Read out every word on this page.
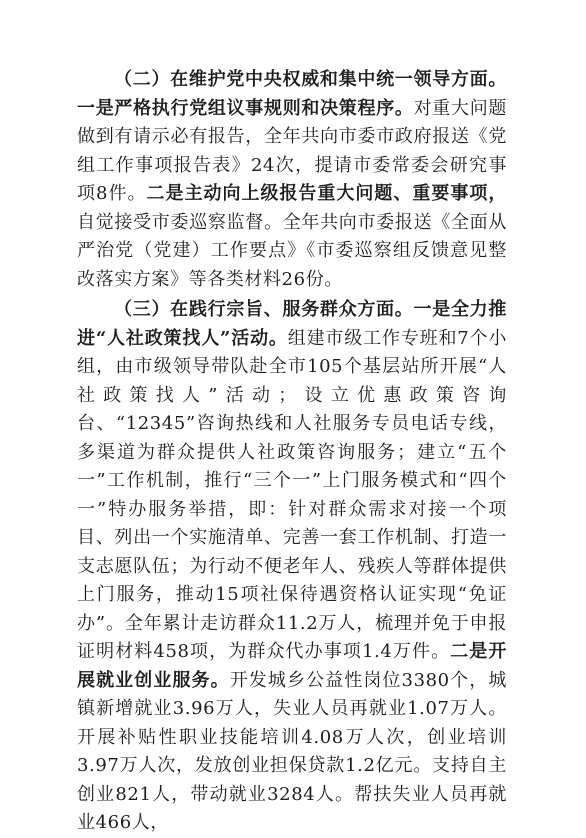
（二）在维护党中央权威和集中统一领导方面。一是严格执行党组议事规则和决策程序。对重大问题做到有请示必有报告，全年共向市委市政府报送《党组工作事项报告表》24次，提请市委常委会研究事项8件。二是主动向上级报告重大问题、重要事项，自觉接受市委巡察监督。全年共向市委报送《全面从严治党（党建）工作要点》《市委巡察组反馈意见整改落实方案》等各类材料26份。

（三）在践行宗旨、服务群众方面。一是全力推进“人社政策找人”活动。组建市级工作专班和7个小组，由市级领导带队赴全市105个基层站所开展“人社政策找人”活动；设立优惠政策咨询台、“12345”咨询热线和人社服务专员电话专线，多渠道为群众提供人社政策咨询服务；建立“五个一”工作机制，推行“三个一”上门服务模式和“四个一”特办服务举措，即：针对群众需求对接一个项目、列出一个实施清单、完善一套工作机制、打造一支志愿队伍；为行动不便老年人、残疾人等群体提供上门服务，推动15项社保待遇资格认证实现“免证办”。全年累计走访群众11.2万人，梳理并免于申报证明材料458项，为群众代办事项1.4万件。二是开展就业创业服务。开发城乡公益性岗位3380个，城镇新增就业3.96万人，失业人员再就业1.07万人。开展补贴性职业技能培训4.08万人次，创业培训3.97万人次，发放创业担保贷款1.2亿元。支持自主创业821人，带动就业3284人。帮扶失业人员再就业466人，
